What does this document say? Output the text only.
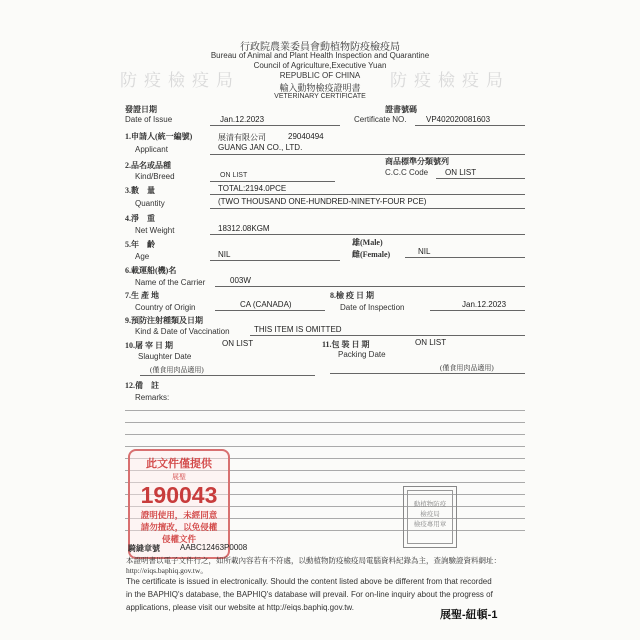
行政院農業委員會動植物防疫檢疫局
Bureau of Animal and Plant Health Inspection and Quarantine
Council of Agriculture,Executive Yuan
REPUBLIC OF CHINA
輸入動物檢疫證明書
VETERINARY CERTIFICATE
防疫檢疫局	防疫檢疫局
發證日期
Date of Issue	Jan.12.2023
證書號碼
Certificate NO. VP402020081603
1.申請人(統一編號)
Applicant
展清有限公司	29040494
GUANG JAN CO., LTD.
2.品名或品種
Kind/Breed	ON LIST
商品標準分類號列
C.C.C Code ON LIST
3.數　量
Quantity
TOTAL:2194.0PCE
(TWO THOUSAND ONE-HUNDRED-NINETY-FOUR PCE)
4.淨　重
Net Weight	18312.08KGM
5.年　齡
Age	NIL
雄(Male)
雌(Female)	NIL
6.載運船(機)名
Name of the Carrier	003W
7.生 產 地
Country of Origin	CA (CANADA)
8.檢 疫 日 期
Date of Inspection	Jan.12.2023
9.預防注射種類及日期
Kind & Date of Vaccination	THIS ITEM IS OMITTED
10.屠 宰 日 期
Slaughter Date
ON LIST
(僅食用肉品適用)
11.包 裝 日 期
Packing Date
ON LIST
(僅食用肉品適用)
12.備　註
Remarks:
此文件僅提供
展聖
190043
證明使用，未經同意
請勿擅改，以免侵權
侵權文件
動植物防疫
檢疫局
檢疫專用章
騎縫章號	AABC12463P0008
本證明書以電子文件行之，如所載內容若有不符處，以動植物防疫檢疫局電腦資料紀錄為主，查詢驗證資料網址：http://eiqs.baphiq.gov.tw。
The certificate is issued in electronically. Should the content listed above be different from that recorded
in the BAPHIQ's database, the BAPHIQ's database will prevail. For on-line inquiry about the progress of
applications, please visit our website at http://eiqs.baphiq.gov.tw.
展聖-紐頓-1
